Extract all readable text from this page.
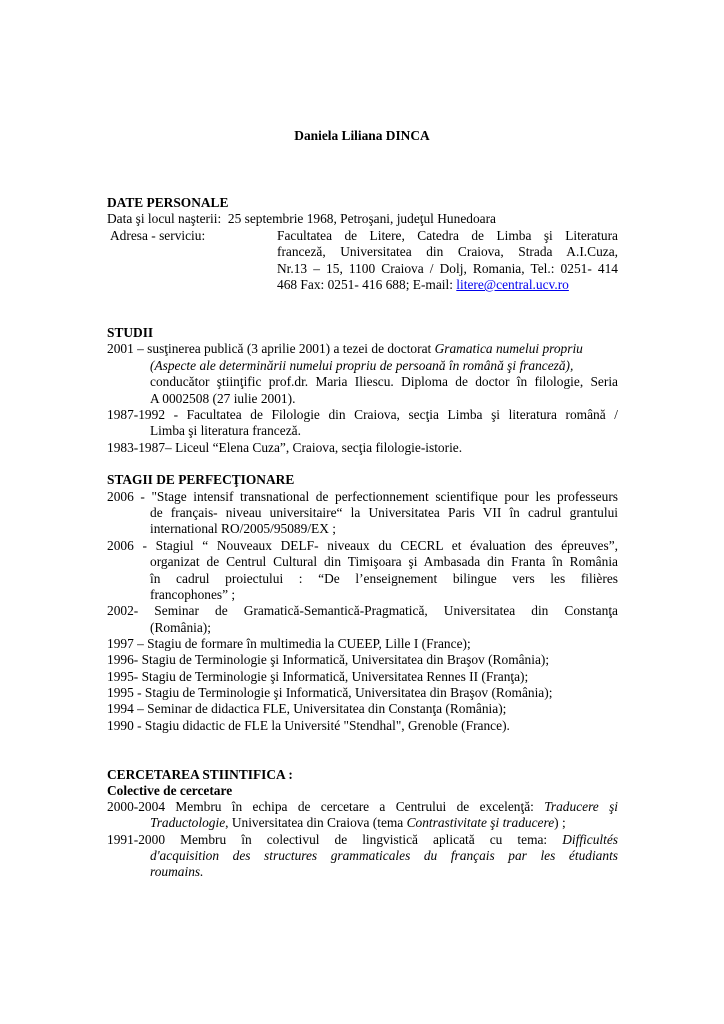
Daniela Liliana DINCA
DATE PERSONALE
Data şi locul naşterii: 25 septembrie 1968, Petroşani, judeţul Hunedoara
Adresa - serviciu:	Facultatea de Litere, Catedra de Limba şi Literatura
franceză, Universitatea din Craiova, Strada A.I.Cuza,
Nr.13 – 15, 1100 Craiova / Dolj, Romania, Tel.: 0251- 414
468 Fax: 0251- 416 688; E-mail: litere@central.ucv.ro
STUDII
2001 – susţinerea publică (3 aprilie 2001) a tezei de doctorat Gramatica numelui propriu
(Aspecte ale determinării numelui propriu de persoană în română şi franceză),
conducător ştiinţific prof.dr. Maria Iliescu. Diploma de doctor în filologie, Seria
A 0002508 (27 iulie 2001).
1987-1992 - Facultatea de Filologie din Craiova, secţia Limba şi literatura română /
Limba şi literatura franceză.
1983-1987– Liceul “Elena Cuza”, Craiova, secţia filologie-istorie.
STAGII DE PERFECŢIONARE
2006 - "Stage intensif transnational de perfectionnement scientifique pour les professeurs
de français- niveau universitaire“ la Universitatea Paris VII în cadrul grantului
international RO/2005/95089/EX ;
2006 - Stagiul “ Nouveaux DELF- niveaux du CECRL et évaluation des épreuves”,
organizat de Centrul Cultural din Timişoara şi Ambasada din Franta în România
în cadrul proiectului : “De l’enseignement bilingue vers les filières
francophones” ;
2002- Seminar de Gramatică-Semantică-Pragmatică, Universitatea din Constanţa
(România);
1997 – Stagiu de formare în multimedia la CUEEP, Lille I (France);
1996- Stagiu de Terminologie şi Informatică, Universitatea din Braşov (România);
1995- Stagiu de Terminologie şi Informatică, Universitatea Rennes II (Franţa);
1995 - Stagiu de Terminologie şi Informatică, Universitatea din Braşov (România);
1994 – Seminar de didactica FLE, Universitatea din Constanţa (România);
1990 - Stagiu didactic de FLE la Université "Stendhal", Grenoble (France).
CERCETAREA STIINTIFICA :
Colective de cercetare
2000-2004 Membru în echipa de cercetare a Centrului de excelenţă: Traducere şi
Traductologie, Universitatea din Craiova (tema Contrastivitate şi traducere) ;
1991-2000 Membru în colectivul de lingvistică aplicată cu tema: Difficultés
d'acquisition des structures grammaticales du français par les étudiants
roumains.
